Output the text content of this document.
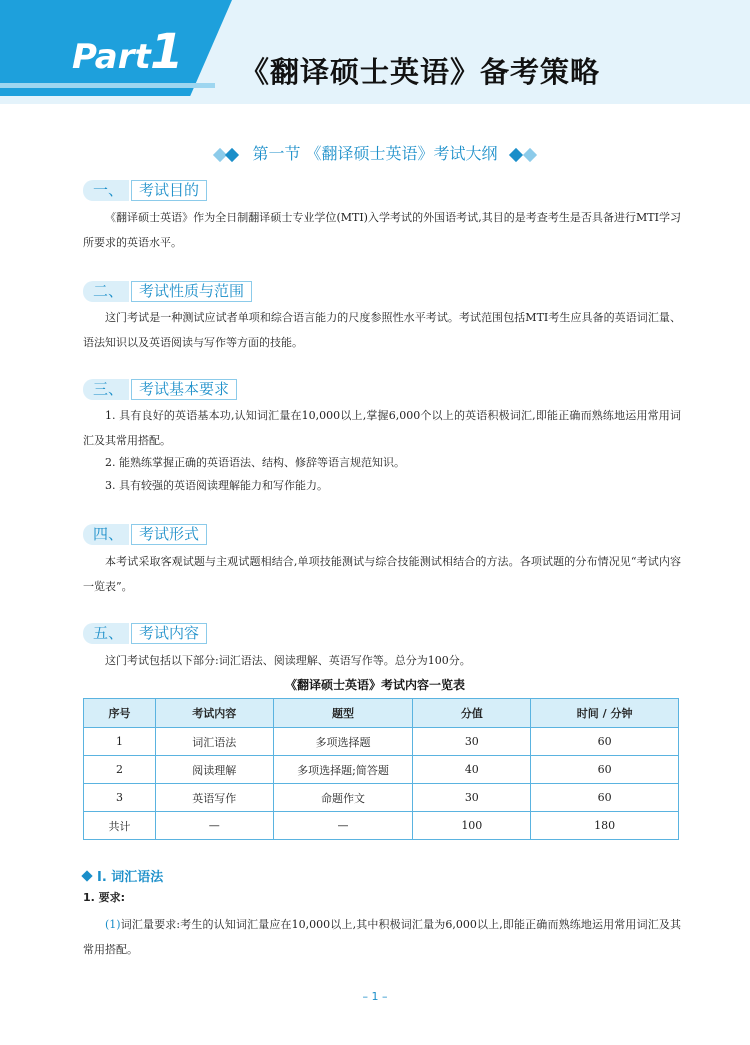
Part 1 《翻译硕士英语》备考策略
第一节 《翻译硕士英语》考试大纲
一、 考试目的
《翻译硕士英语》作为全日制翻译硕士专业学位(MTI)入学考试的外国语考试,其目的是考查考生是否具备进行MTI学习所要求的英语水平。
二、 考试性质与范围
这门考试是一种测试应试者单项和综合语言能力的尺度参照性水平考试。考试范围包括MTI考生应具备的英语词汇量、语法知识以及英语阅读与写作等方面的技能。
三、 考试基本要求
1. 具有良好的英语基本功,认知词汇量在10,000以上,掌握6,000个以上的英语积极词汇,即能正确而熟练地运用常用词汇及其常用搭配。
2. 能熟练掌握正确的英语语法、结构、修辞等语言规范知识。
3. 具有较强的英语阅读理解能力和写作能力。
四、 考试形式
本考试采取客观试题与主观试题相结合,单项技能测试与综合技能测试相结合的方法。各项试题的分布情况见“考试内容一览表”。
五、 考试内容
这门考试包括以下部分:词汇语法、阅读理解、英语写作等。总分为100分。
《翻译硕士英语》考试内容一览表
序号	考试内容	题型	分值	时间 / 分钟
1	词汇语法	多项选择题	30	60
2	阅读理解	多项选择题;简答题	40	60
3	英语写作	命题作文	30	60
共计	—	—	100	180
I. 词汇语法
1. 要求:
(1)词汇量要求:考生的认知词汇量应在10,000以上,其中积极词汇量为6,000以上,即能正确而熟练地运用常用词汇及其常用搭配。
– 1 –
